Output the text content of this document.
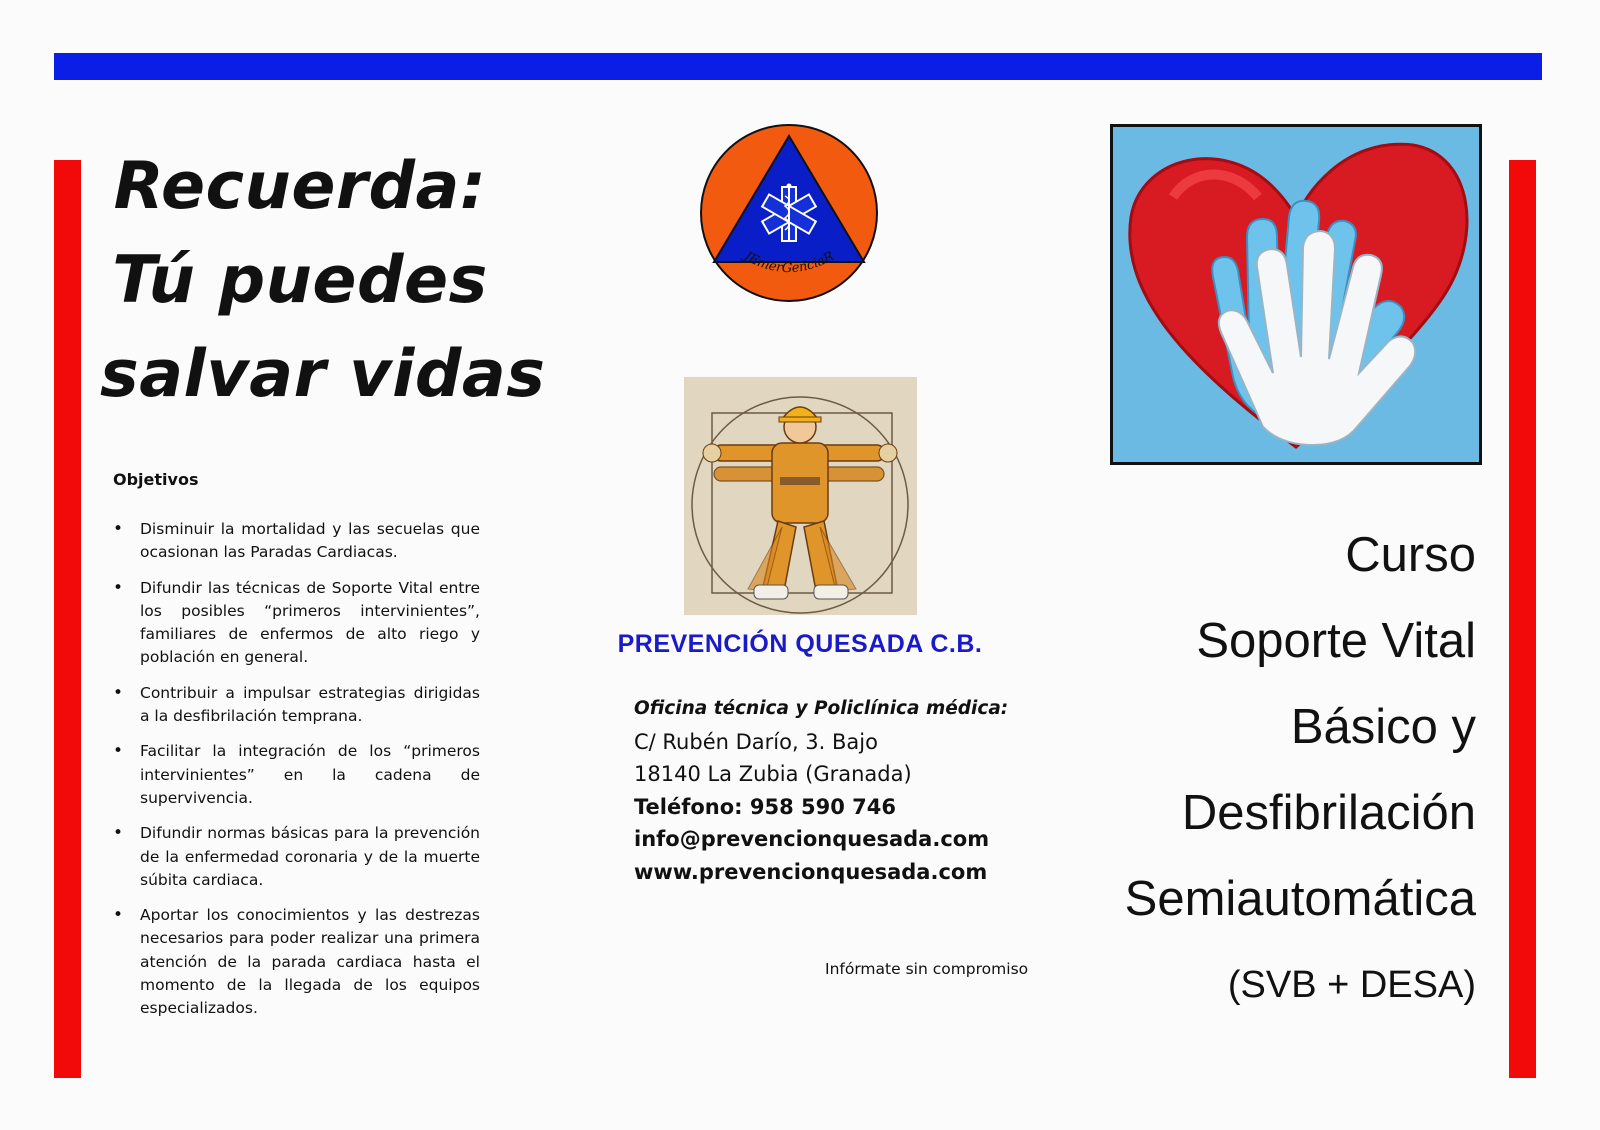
Recuerda:
Tú puedes
salvar vidas
Objetivos
• Disminuir la mortalidad y las secuelas que ocasionan las Paradas Cardiacas.
• Difundir las técnicas de Soporte Vital entre los posibles “primeros intervinientes”, familiares de enfermos de alto riego y población en general.
• Contribuir a impulsar estrategias dirigidas a la desfibrilación temprana.
• Facilitar la integración de los “primeros intervinientes” en la cadena de supervivencia.
• Difundir normas básicas para la prevención de la enfermedad coronaria y de la muerte súbita cardiaca.
• Aportar los conocimientos y las destrezas necesarios para poder realizar una primera atención de la parada cardiaca hasta el momento de la llegada de los equipos especializados.
JEmerGenciaR
PREVENCIÓN QUESADA C.B.
Oficina técnica y Policlínica médica:
C/ Rubén Darío, 3. Bajo
18140 La Zubia (Granada)
Teléfono: 958 590 746
info@prevencionquesada.com
www.prevencionquesada.com
Infórmate sin compromiso
Curso
Soporte Vital
Básico y
Desfibrilación
Semiautomática
(SVB + DESA)
